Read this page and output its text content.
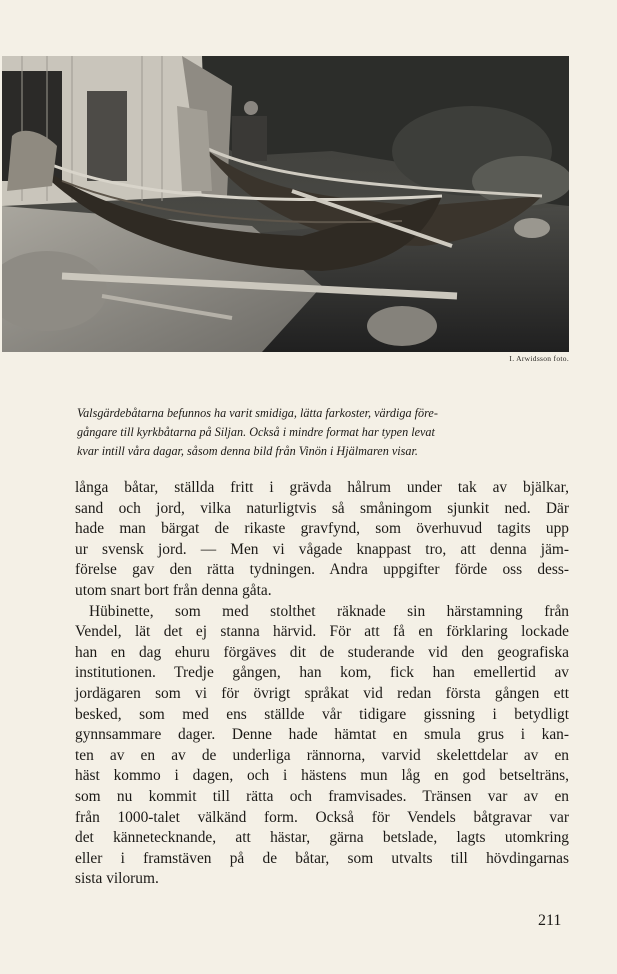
I. Arwidsson foto.
Valsgärdebåtarna befunnos ha varit smidiga, lätta farkoster, värdiga före-
gångare till kyrkbåtarna på Siljan. Också i mindre format har typen levat
kvar intill våra dagar, såsom denna bild från Vinön i Hjälmaren visar.
långa båtar, ställda fritt i grävda hålrum under tak av bjälkar,
sand och jord, vilka naturligtvis så småningom sjunkit ned. Där
hade man bärgat de rikaste gravfynd, som överhuvud tagits upp
ur svensk jord. — Men vi vågade knappast tro, att denna jäm-
förelse gav den rätta tydningen. Andra uppgifter förde oss dess-
utom snart bort från denna gåta.
Hübinette, som med stolthet räknade sin härstamning från
Vendel, lät det ej stanna härvid. För att få en förklaring lockade
han en dag ehuru förgäves dit de studerande vid den geografiska
institutionen. Tredje gången, han kom, fick han emellertid av
jordägaren som vi för övrigt språkat vid redan första gången ett
besked, som med ens ställde vår tidigare gissning i betydligt
gynnsammare dager. Denne hade hämtat en smula grus i kan-
ten av en av de underliga rännorna, varvid skelettdelar av en
häst kommo i dagen, och i hästens mun låg en god betselträns,
som nu kommit till rätta och framvisades. Tränsen var av en
från 1000-talet välkänd form. Också för Vendels båtgravar var
det kännetecknande, att hästar, gärna betslade, lagts utomkring
eller i framstäven på de båtar, som utvalts till hövdingarnas
sista vilorum.
211
